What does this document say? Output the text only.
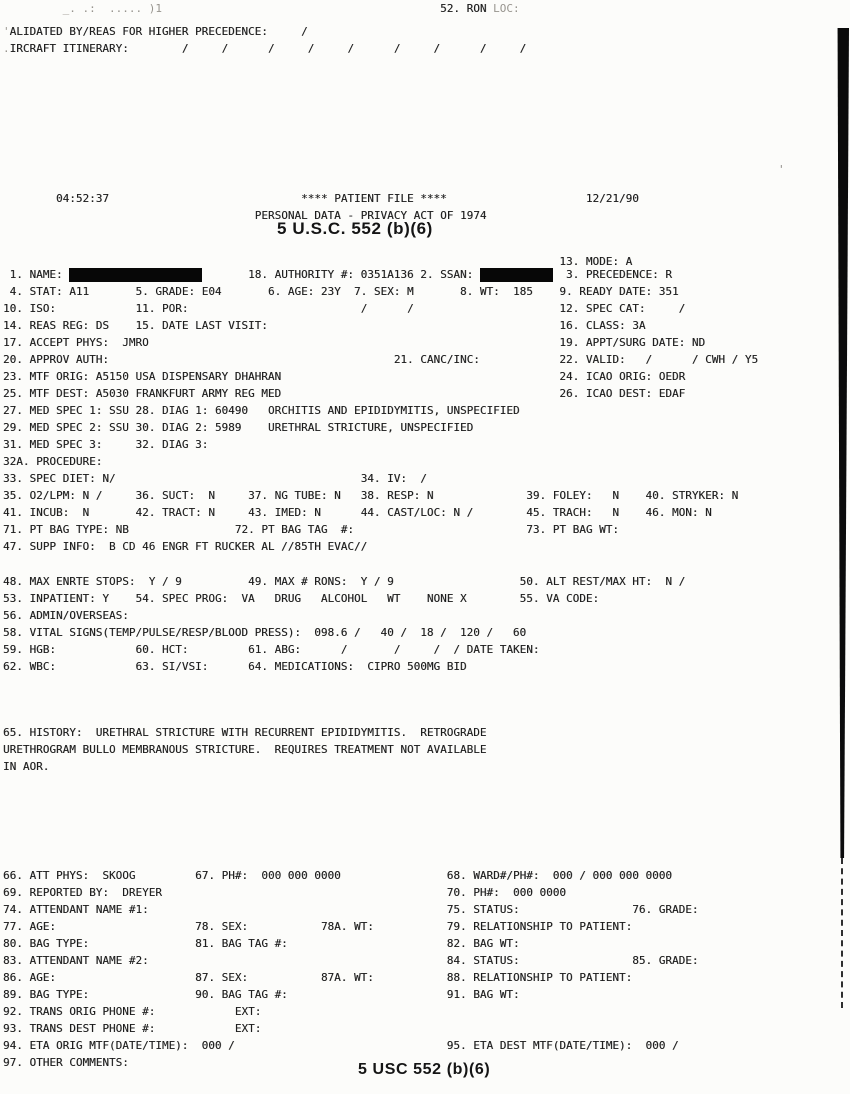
_. .:  ..... )1	52. RON LOC:
' ALIDATED BY/REAS FOR HIGHER PRECEDENCE:	/
. IRCRAFT ITINERARY:	/	/	/	/	/	/	/	/	/
04:52:37	**** PATIENT FILE ****	12/21/90
PERSONAL DATA - PRIVACY ACT OF 1974
13. MODE: A
1. NAME:
	18. AUTHORITY #: 0351A136 2. SSAN:
	3. PRECEDENCE: R
4. STAT: A11	5. GRADE: E04	6. AGE: 23Y 7. SEX: M	8. WT:  185 9. READY DATE: 351
10. ISO:	11. POR:	/	/	12. SPEC CAT:	/
14. REAS REG: DS 15. DATE LAST VISIT:	16. CLASS: 3A
17. ACCEPT PHYS:  JMRO	19. APPT/SURG DATE: ND
20. APPROV AUTH:	21. CANC/INC:	22. VALID: /	/ CWH / Y5
23. MTF ORIG: A5150 USA DISPENSARY DHAHRAN	24. ICAO ORIG: OEDR
25. MTF DEST: A5030 FRANKFURT ARMY REG MED	26. ICAO DEST: EDAF
27. MED SPEC 1: SSU 28. DIAG 1: 60490 ORCHITIS AND EPIDIDYMITIS, UNSPECIFIED
29. MED SPEC 2: SSU 30. DIAG 2: 5989 URETHRAL STRICTURE, UNSPECIFIED
31. MED SPEC 3:	32. DIAG 3:
32A. PROCEDURE:
33. SPEC DIET: N/	34. IV:  /
35. O2/LPM: N /	36. SUCT:  N	37. NG TUBE: N 38. RESP: N	39. FOLEY:   N 40. STRYKER: N
41. INCUB:  N	42. TRACT: N	43. IMED: N	44. CAST/LOC: N /	45. TRACH:   N 46. MON: N
71. PT BAG TYPE: NB	72. PT BAG TAG  #:	73. PT BAG WT:
47. SUPP INFO:  B CD 46 ENGR FT RUCKER AL //85TH EVAC//
48. MAX ENRTE STOPS:  Y / 9	49. MAX # RONS:  Y / 9	50. ALT REST/MAX HT:  N /
53. INPATIENT: Y 54. SPEC PROG:  VA   DRUG   ALCOHOL   WT    NONE X	55. VA CODE:
56. ADMIN/OVERSEAS:
58. VITAL SIGNS(TEMP/PULSE/RESP/BLOOD PRESS):  098.6 /   40 /  18 /  120 /   60
59. HGB:	60. HCT:	61. ABG:	/	/	/ / DATE TAKEN:
62. WBC:	63. SI/VSI:	64. MEDICATIONS:  CIPRO 500MG BID
65. HISTORY:  URETHRAL STRICTURE WITH RECURRENT EPIDIDYMITIS.  RETROGRADE
URETHROGRAM BULLO MEMBRANOUS STRICTURE.  REQUIRES TREATMENT NOT AVAILABLE
IN AOR.
66. ATT PHYS:  SKOOG	67. PH#:  000 000 0000	68. WARD#/PH#:  000 / 000 000 0000
69. REPORTED BY:  DREYER	70. PH#:  000 0000
74. ATTENDANT NAME #1:	75. STATUS:	76. GRADE:
77. AGE:	78. SEX:	78A. WT:	79. RELATIONSHIP TO PATIENT:
80. BAG TYPE:	81. BAG TAG #:	82. BAG WT:
83. ATTENDANT NAME #2:	84. STATUS:	85. GRADE:
86. AGE:	87. SEX:	87A. WT:	88. RELATIONSHIP TO PATIENT:
89. BAG TYPE:	90. BAG TAG #:	91. BAG WT:
92. TRANS ORIG PHONE #:	EXT:
93. TRANS DEST PHONE #:	EXT:
94. ETA ORIG MTF(DATE/TIME):  000 /	95. ETA DEST MTF(DATE/TIME):  000 /
97. OTHER COMMENTS:
5 U.S.C. 552 (b)(6)
5 USC 552 (b)(6)
'
